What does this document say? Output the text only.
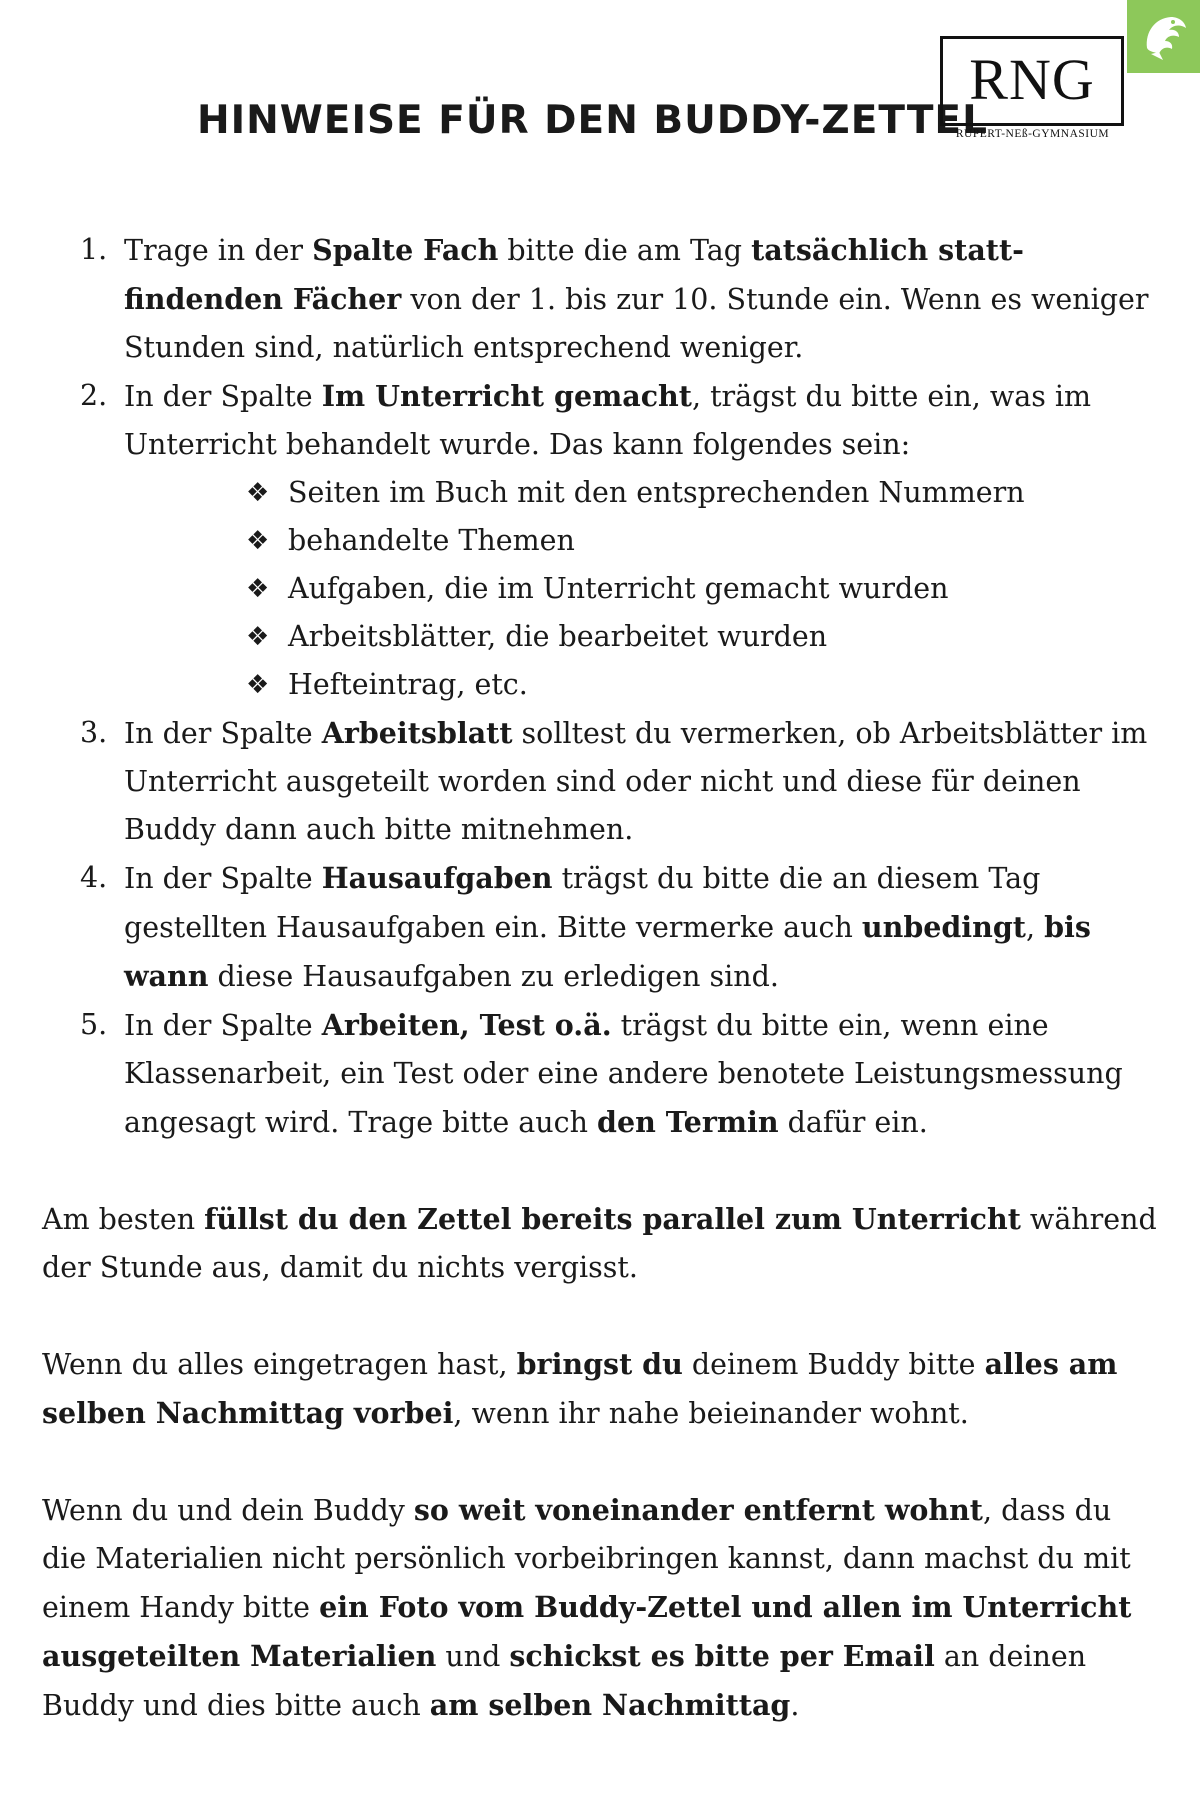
HINWEISE FÜR DEN BUDDY-ZETTEL
RNG
RUPERT-NEß-GYMNASIUM
1. Trage in der Spalte Fach bitte die am Tag tatsächlich statt-findenden Fächer von der 1. bis zur 10. Stunde ein. Wenn es weniger Stunden sind, natürlich entsprechend weniger.
2. In der Spalte Im Unterricht gemacht, trägst du bitte ein, was im Unterricht behandelt wurde. Das kann folgendes sein:
❖ Seiten im Buch mit den entsprechenden Nummern
❖ behandelte Themen
❖ Aufgaben, die im Unterricht gemacht wurden
❖ Arbeitsblätter, die bearbeitet wurden
❖ Hefteintrag, etc.
3. In der Spalte Arbeitsblatt solltest du vermerken, ob Arbeitsblätter im Unterricht ausgeteilt worden sind oder nicht und diese für deinen Buddy dann auch bitte mitnehmen.
4. In der Spalte Hausaufgaben trägst du bitte die an diesem Tag gestellten Hausaufgaben ein. Bitte vermerke auch unbedingt, bis wann diese Hausaufgaben zu erledigen sind.
5. In der Spalte Arbeiten, Test o.ä. trägst du bitte ein, wenn eine Klassenarbeit, ein Test oder eine andere benotete Leistungsmessung angesagt wird. Trage bitte auch den Termin dafür ein.

Am besten füllst du den Zettel bereits parallel zum Unterricht während der Stunde aus, damit du nichts vergisst.

Wenn du alles eingetragen hast, bringst du deinem Buddy bitte alles am selben Nachmittag vorbei, wenn ihr nahe beieinander wohnt.

Wenn du und dein Buddy so weit voneinander entfernt wohnt, dass du die Materialien nicht persönlich vorbeibringen kannst, dann machst du mit einem Handy bitte ein Foto vom Buddy-Zettel und allen im Unterricht ausgeteilten Materialien und schickst es bitte per Email an deinen Buddy und dies bitte auch am selben Nachmittag.
